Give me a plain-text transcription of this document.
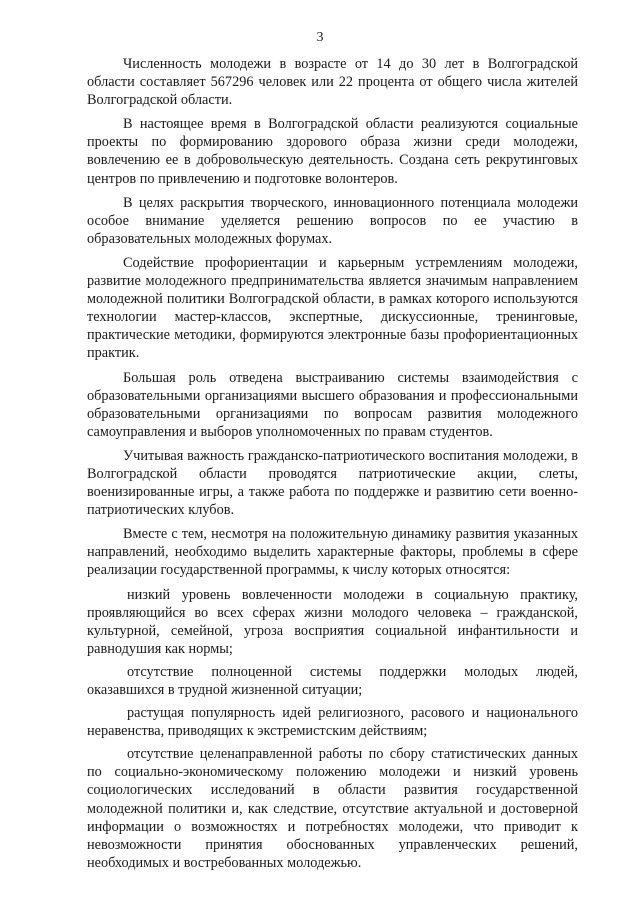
3

Численность молодежи в возрасте от 14 до 30 лет в Волгоградской области составляет 567296 человек или 22 процента от общего числа жителей Волгоградской области.

В настоящее время в Волгоградской области реализуются социальные проекты по формированию здорового образа жизни среди молодежи, вовлечению ее в добровольческую деятельность. Создана сеть рекрутинговых центров по привлечению и подготовке волонтеров.

В целях раскрытия творческого, инновационного потенциала молодежи особое внимание уделяется решению вопросов по ее участию в образовательных молодежных форумах.

Содействие профориентации и карьерным устремлениям молодежи, развитие молодежного предпринимательства является значимым направлением молодежной политики Волгоградской области, в рамках которого используются технологии мастер-классов, экспертные, дискуссионные, тренинговые, практические методики, формируются электронные базы профориентационных практик.

Большая роль отведена выстраиванию системы взаимодействия с образовательными организациями высшего образования и профессиональными образовательными организациями по вопросам развития молодежного самоуправления и выборов уполномоченных по правам студентов.

Учитывая важность гражданско-патриотического воспитания молодежи, в Волгоградской области проводятся патриотические акции, слеты, военизированные игры, а также работа по поддержке и развитию сети военно-патриотических клубов.

Вместе с тем, несмотря на положительную динамику развития указанных направлений, необходимо выделить характерные факторы, проблемы в сфере реализации государственной программы, к числу которых относятся:

низкий уровень вовлеченности молодежи в социальную практику, проявляющийся во всех сферах жизни молодого человека – гражданской, культурной, семейной, угроза восприятия социальной инфантильности и равнодушия как нормы;

отсутствие полноценной системы поддержки молодых людей, оказавшихся в трудной жизненной ситуации;

растущая популярность идей религиозного, расового и национального неравенства, приводящих к экстремистским действиям;

отсутствие целенаправленной работы по сбору статистических данных по социально-экономическому положению молодежи и низкий уровень социологических исследований в области развития государственной молодежной политики и, как следствие, отсутствие актуальной и достоверной информации о возможностях и потребностях молодежи, что приводит к невозможности принятия обоснованных управленческих решений, необходимых и востребованных молодежью.
